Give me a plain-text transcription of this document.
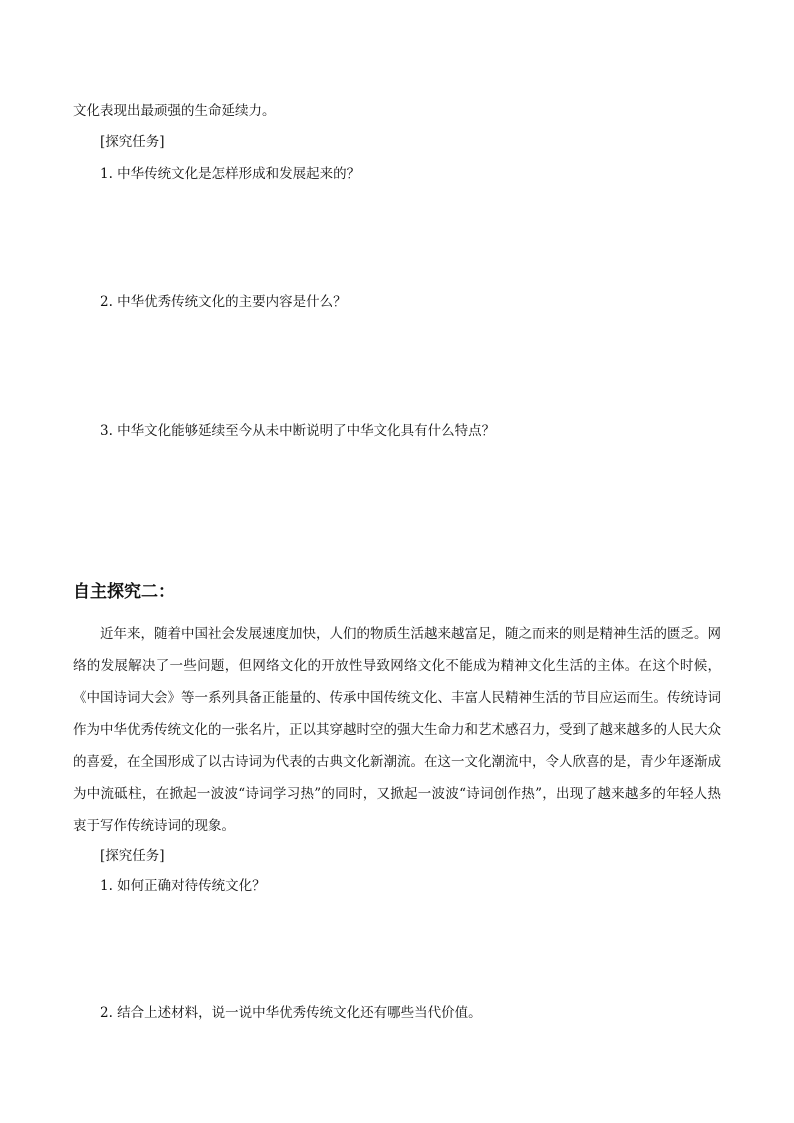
文化表现出最顽强的生命延续力。
[探究任务]
1. 中华传统文化是怎样形成和发展起来的？
2. 中华优秀传统文化的主要内容是什么？
3. 中华文化能够延续至今从未中断说明了中华文化具有什么特点？
自主探究二：
近年来，随着中国社会发展速度加快，人们的物质生活越来越富足，随之而来的则是精神生活的匮乏。网络的发展解决了一些问题，但网络文化的开放性导致网络文化不能成为精神文化生活的主体。在这个时候，《中国诗词大会》等一系列具备正能量的、传承中国传统文化、丰富人民精神生活的节目应运而生。传统诗词作为中华优秀传统文化的一张名片，正以其穿越时空的强大生命力和艺术感召力，受到了越来越多的人民大众的喜爱，在全国形成了以古诗词为代表的古典文化新潮流。在这一文化潮流中，令人欣喜的是，青少年逐渐成为中流砥柱，在掀起一波波“诗词学习热”的同时，又掀起一波波“诗词创作热”，出现了越来越多的年轻人热衷于写作传统诗词的现象。
[探究任务]
1. 如何正确对待传统文化？
2. 结合上述材料，说一说中华优秀传统文化还有哪些当代价值。
